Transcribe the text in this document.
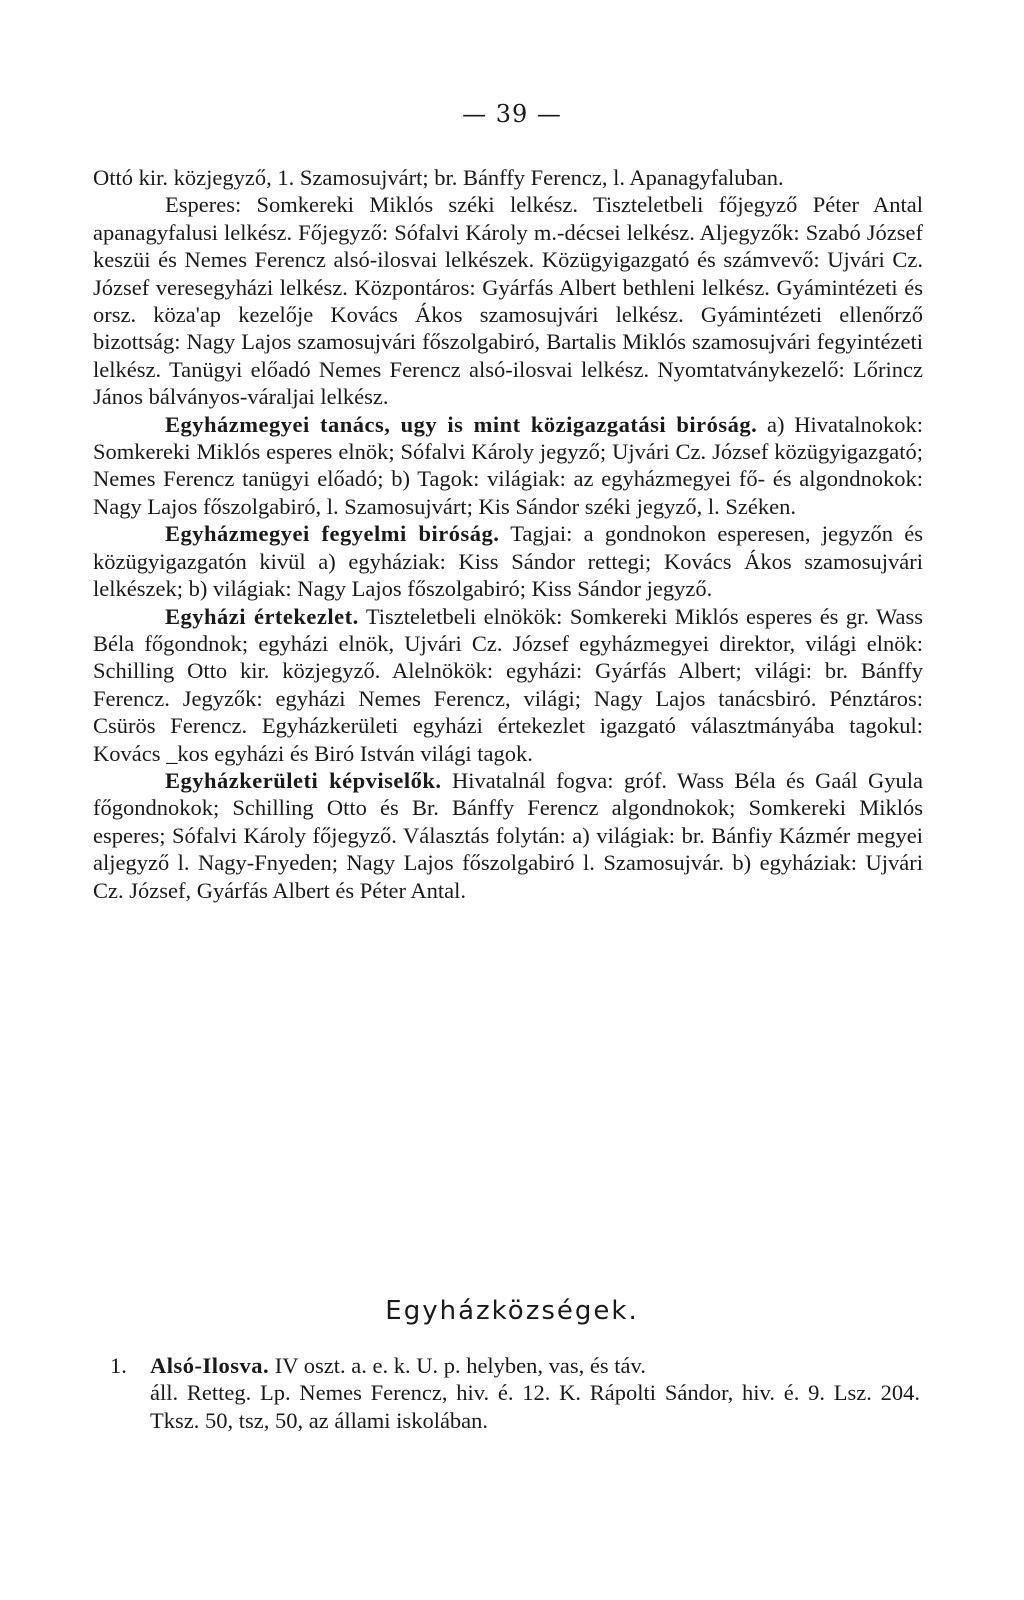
— 39 —

Ottó kir. közjegyző, 1. Szamosujvárt; br. Bánffy Ferencz, l. Apanagyfaluban.

Esperes: Somkereki Miklós széki lelkész. Tiszteletbeli főjegyző Péter Antal apanagyfalusi lelkész. Főjegyző: Sófalvi Károly m.-décsei lelkész. Aljegyzők: Szabó József keszüi és Nemes Ferencz alsó-ilosvai lelkészek. Közügyigazgató és számvevő: Ujvári Cz. József veresegyházi lelkész. Központáros: Gyárfás Albert bethleni lelkész. Gyámintézeti és orsz. köza'ap kezelője Kovács Ákos szamosujvári lelkész. Gyámintézeti ellenőrző bizottság: Nagy Lajos szamosujvári főszolgabiró, Bartalis Miklós szamosujvári fegyintézeti lelkész. Tanügyi előadó Nemes Ferencz alsó-ilosvai lelkész. Nyomtatványkezelő: Lőrincz János bálványos-váraljai lelkész.

Egyházmegyei tanács, ugy is mint közigazgatási biróság. a) Hivatalnokok: Somkereki Miklós esperes elnök; Sófalvi Károly jegyző; Ujvári Cz. József közügyigazgató; Nemes Ferencz tanügyi előadó; b) Tagok: világiak: az egyházmegyei fő- és algondnokok: Nagy Lajos főszolgabiró, l. Szamosujvárt; Kis Sándor széki jegyző, l. Széken.

Egyházmegyei fegyelmi biróság. Tagjai: a gondnokon esperesen, jegyzőn és közügyigazgatón kivül a) egyháziak: Kiss Sándor rettegi; Kovács Ákos szamosujvári lelkészek; b) világiak: Nagy Lajos főszolgabiró; Kiss Sándor jegyző.

Egyházi értekezlet. Tiszteletbeli elnökök: Somkereki Miklós esperes és gr. Wass Béla főgondnok; egyházi elnök, Ujvári Cz. József egyházmegyei direktor, világi elnök: Schilling Otto kir. közjegyző. Alelnökök: egyházi: Gyárfás Albert; világi: br. Bánffy Ferencz. Jegyzők: egyházi Nemes Ferencz, világi; Nagy Lajos tanácsbiró. Pénztáros: Csürös Ferencz. Egyházkerületi egyházi értekezlet igazgató választmányába tagokul: Kovács _kos egyházi és Biró István világi tagok.

Egyházkerületi képviselők. Hivatalnál fogva: gróf. Wass Béla és Gaál Gyula főgondnokok; Schilling Otto és Br. Bánffy Ferencz algondnokok; Somkereki Miklós esperes; Sófalvi Károly főjegyző. Választás folytán: a) világiak: br. Bánfiy Kázmér megyei aljegyző l. Nagy-Fnyeden; Nagy Lajos főszolgabiró l. Szamosujvár. b) egyháziak: Ujvári Cz. József, Gyárfás Albert és Péter Antal.

Egyházközségek.
1. Alsó-Ilosva. IV oszt. a. e. k. U. p. helyben, vas, és táv.
áll. Retteg. Lp. Nemes Ferencz, hiv. é. 12. K. Rápolti Sándor, hiv. é. 9. Lsz. 204. Tksz. 50, tsz, 50, az állami iskolában.
